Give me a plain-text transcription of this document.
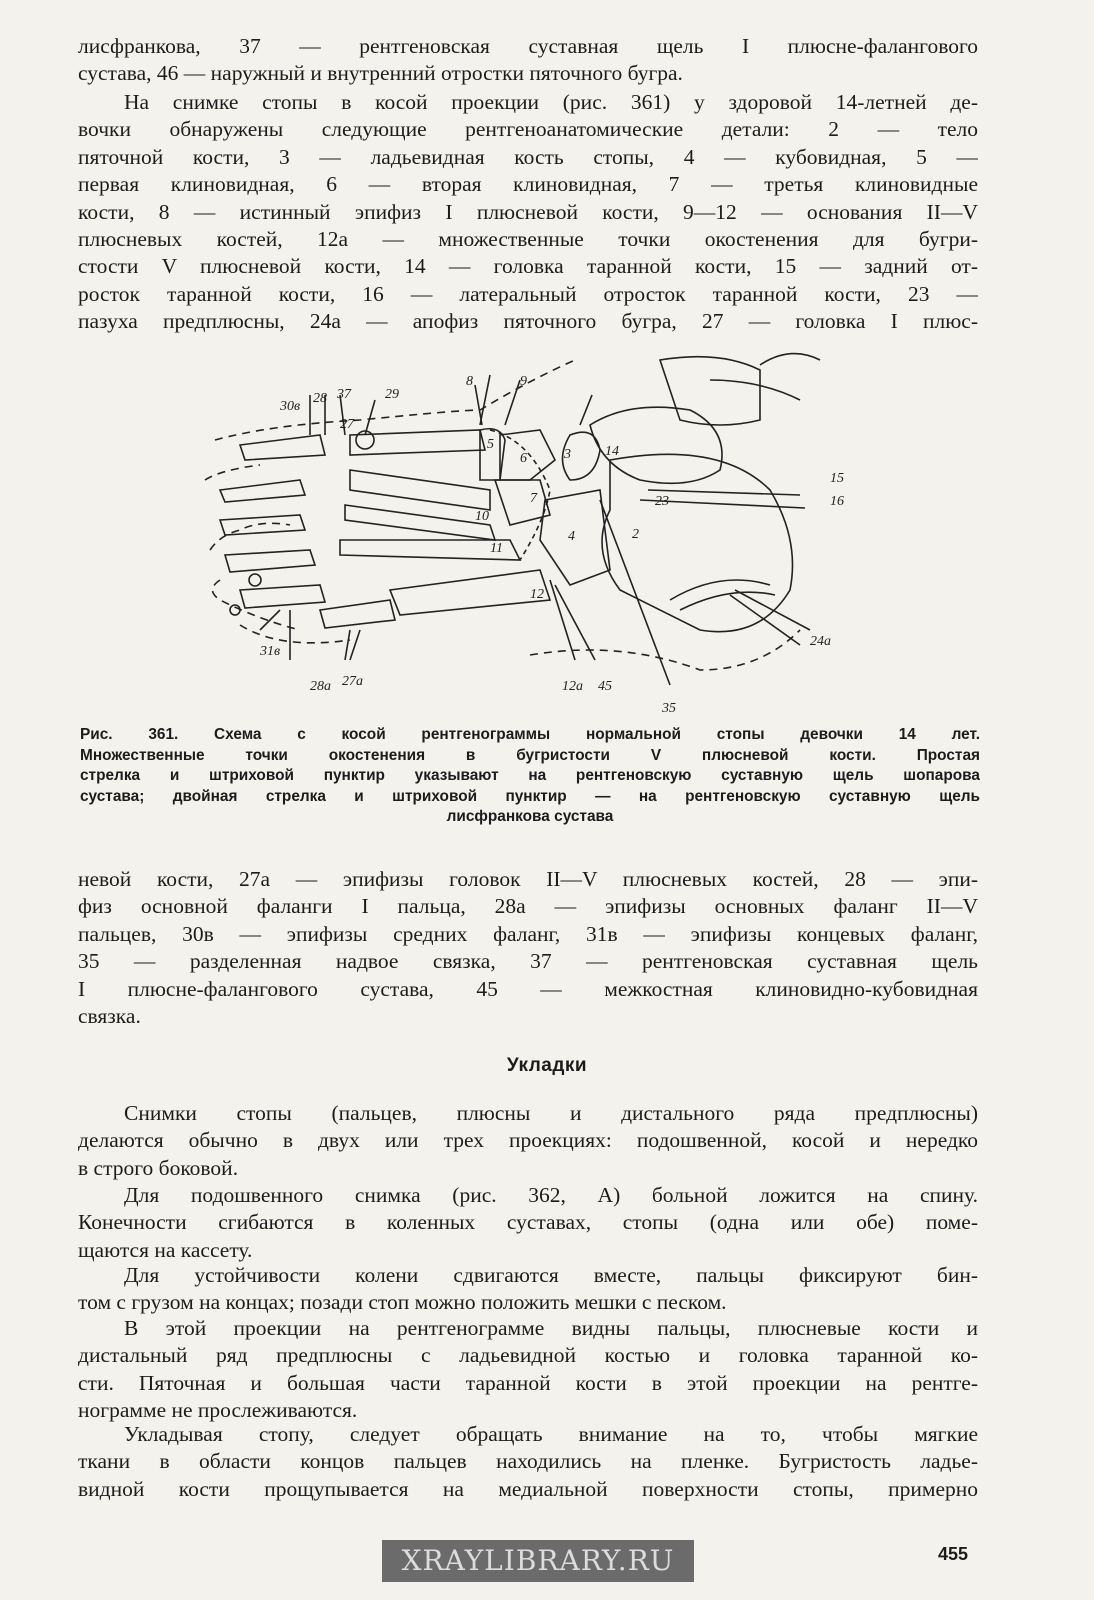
лисфранкова, 37 — рентгеновская суставная щель I плюсне-фалангового
сустава, 46 — наружный и внутренний отростки пяточного бугра.
На снимке стопы в косой проекции (рис. 361) у здоровой 14-летней де-
вочки обнаружены следующие рентгеноанатомические детали: 2 — тело
пяточной кости, 3 — ладьевидная кость стопы, 4 — кубовидная, 5 —
первая клиновидная, 6 — вторая клиновидная, 7 — третья клиновидные
кости, 8 — истинный эпифиз I плюсневой кости, 9—12 — основания II—V
плюсневых костей, 12а — множественные точки окостенения для бугри-
стости V плюсневой кости, 14 — головка таранной кости, 15 — задний от-
росток таранной кости, 16 — латеральный отросток таранной кости, 23 —
пазуха предплюсны, 24а — апофиз пяточного бугра, 27 — головка I плюс-
30в
28 37 29
8	9
27
5
6	3 14
15
16
23
7
10
4	2
11
12
31в
28а 27а	12а 45
35
24а
Рис. 361. Схема с косой рентгенограммы нормальной стопы девочки 14 лет.
Множественные точки окостенения в бугристости V плюсневой кости. Простая
стрелка и штриховой пунктир указывают на рентгеновскую суставную щель шопарова
сустава; двойная стрелка и штриховой пунктир — на рентгеновскую суставную щель
лисфранкова сустава
невой кости, 27а — эпифизы головок II—V плюсневых костей, 28 — эпи-
физ основной фаланги I пальца, 28а — эпифизы основных фаланг II—V
пальцев, 30в — эпифизы средних фаланг, 31в — эпифизы концевых фаланг,
35 — разделенная надвое связка, 37 — рентгеновская суставная щель
I плюсне-фалангового сустава, 45 — межкостная клиновидно-кубовидная
связка.
Укладки
Снимки стопы (пальцев, плюсны и дистального ряда предплюсны)
делаются обычно в двух или трех проекциях: подошвенной, косой и нередко
в строго боковой.
Для подошвенного снимка (рис. 362, А) больной ложится на спину.
Конечности сгибаются в коленных суставах, стопы (одна или обе) поме-
щаются на кассету.
Для устойчивости колени сдвигаются вместе, пальцы фиксируют бин-
том с грузом на концах; позади стоп можно положить мешки с песком.
В этой проекции на рентгенограмме видны пальцы, плюсневые кости и
дистальный ряд предплюсны с ладьевидной костью и головка таранной ко-
сти. Пяточная и большая части таранной кости в этой проекции на рентге-
нограмме не прослеживаются.
Укладывая стопу, следует обращать внимание на то, чтобы мягкие
ткани в области концов пальцев находились на пленке. Бугристость ладье-
видной кости прощупывается на медиальной поверхности стопы, примерно
XRAYLIBRARY.RU	455
